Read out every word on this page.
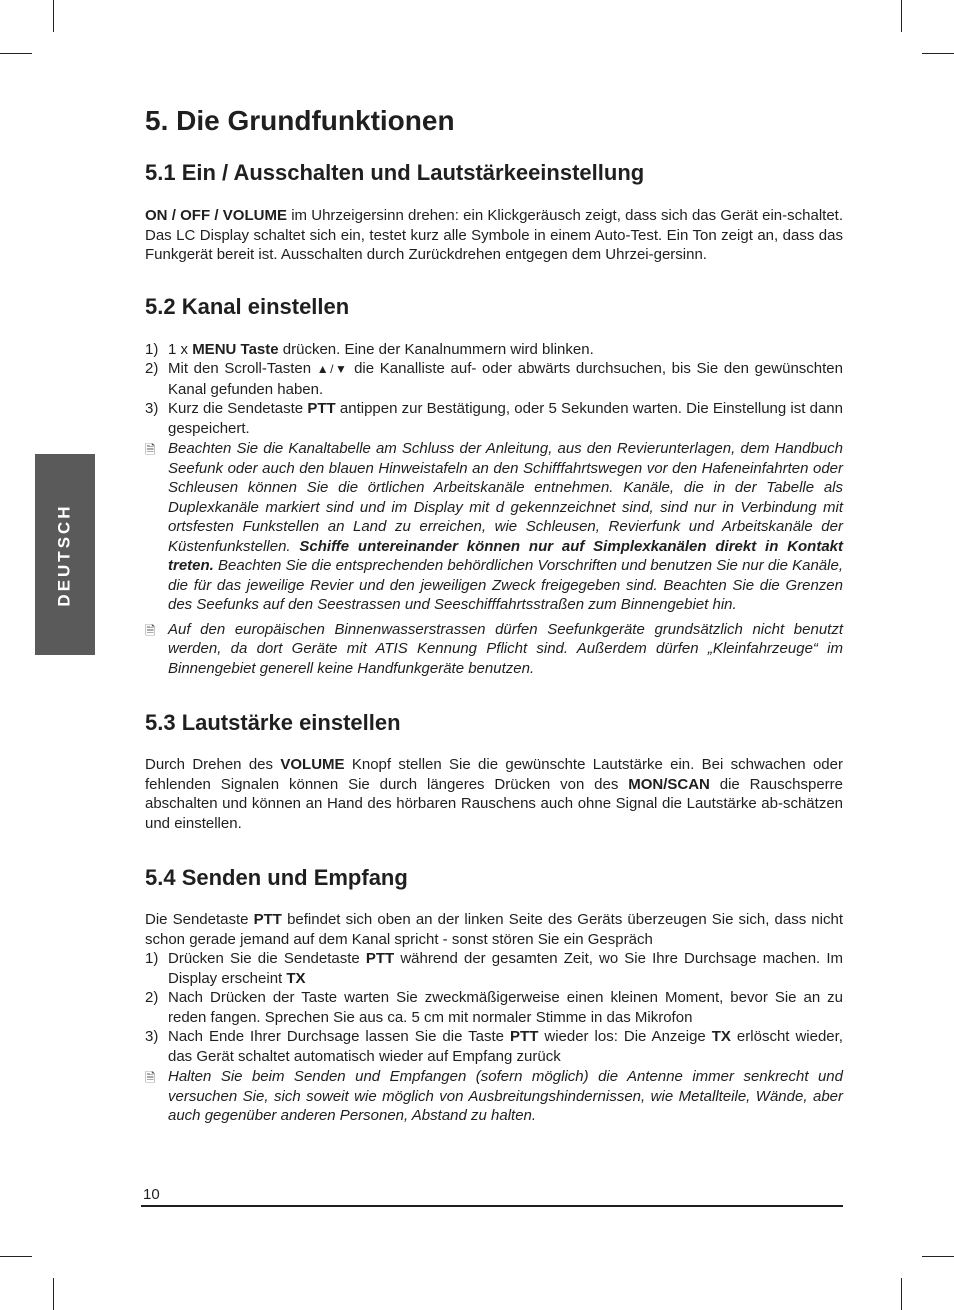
DEUTSCH
5. Die Grundfunktionen
5.1 Ein / Ausschalten und Lautstärkeeinstellung

ON / OFF / VOLUME im Uhrzeigersinn drehen: ein Klickgeräusch zeigt, dass sich das Gerät ein-schaltet. Das LC Display schaltet sich ein, testet kurz alle Symbole in einem Auto-Test. Ein Ton zeigt an, dass das Funkgerät bereit ist. Ausschalten durch Zurückdrehen entgegen dem Uhrzei-gersinn.

5.2 Kanal einstellen
1) 1 x MENU Taste drücken. Eine der Kanalnummern wird blinken.
2) Mit den Scroll-Tasten ▲/▼ die Kanalliste auf- oder abwärts durchsuchen, bis Sie den gewünschten Kanal gefunden haben.
3) Kurz die Sendetaste PTT antippen zur Bestätigung, oder 5 Sekunden warten. Die Einstellung ist dann gespeichert.
🗎 Beachten Sie die Kanaltabelle am Schluss der Anleitung, aus den Revierunterlagen, dem Handbuch Seefunk oder auch den blauen Hinweistafeln an den Schifffahrtswegen vor den Hafeneinfahrten oder Schleusen können Sie die örtlichen Arbeitskanäle entnehmen. Kanäle, die in der Tabelle als Duplexkanäle markiert sind und im Display mit d gekennzeichnet sind, sind nur in Verbindung mit ortsfesten Funkstellen an Land zu erreichen, wie Schleusen, Revierfunk und Arbeitskanäle der Küstenfunkstellen. Schiffe untereinander können nur auf Simplexkanälen direkt in Kontakt treten. Beachten Sie die entsprechenden behördlichen Vorschriften und benutzen Sie nur die Kanäle, die für das jeweilige Revier und den jeweiligen Zweck freigegeben sind. Beachten Sie die Grenzen des Seefunks auf den Seestrassen und Seeschifffahrtsstraßen zum Binnengebiet hin.
🗎 Auf den europäischen Binnenwasserstrassen dürfen Seefunkgeräte grundsätzlich nicht benutzt werden, da dort Geräte mit ATIS Kennung Pflicht sind. Außerdem dürfen „Kleinfahrzeuge“ im Binnengebiet generell keine Handfunkgeräte benutzen.
5.3 Lautstärke einstellen

Durch Drehen des VOLUME Knopf stellen Sie die gewünschte Lautstärke ein. Bei schwachen oder fehlenden Signalen können Sie durch längeres Drücken von des MON/SCAN die Rauschsperre abschalten und können an Hand des hörbaren Rauschens auch ohne Signal die Lautstärke ab-schätzen und einstellen.

5.4 Senden und Empfang

Die Sendetaste PTT befindet sich oben an der linken Seite des Geräts überzeugen Sie sich, dass nicht schon gerade jemand auf dem Kanal spricht - sonst stören Sie ein Gespräch

1) Drücken Sie die Sendetaste PTT während der gesamten Zeit, wo Sie Ihre Durchsage machen. Im Display erscheint TX
2) Nach Drücken der Taste warten Sie zweckmäßigerweise einen kleinen Moment, bevor Sie an zu reden fangen. Sprechen Sie aus ca. 5 cm mit normaler Stimme in das Mikrofon
3) Nach Ende Ihrer Durchsage lassen Sie die Taste PTT wieder los: Die Anzeige TX erlöscht wieder, das Gerät schaltet automatisch wieder auf Empfang zurück
🗎 Halten Sie beim Senden und Empfangen (sofern möglich) die Antenne immer senkrecht und versuchen Sie, sich soweit wie möglich von Ausbreitungshindernissen, wie Metallteile, Wände, aber auch gegenüber anderen Personen, Abstand zu halten.
10
